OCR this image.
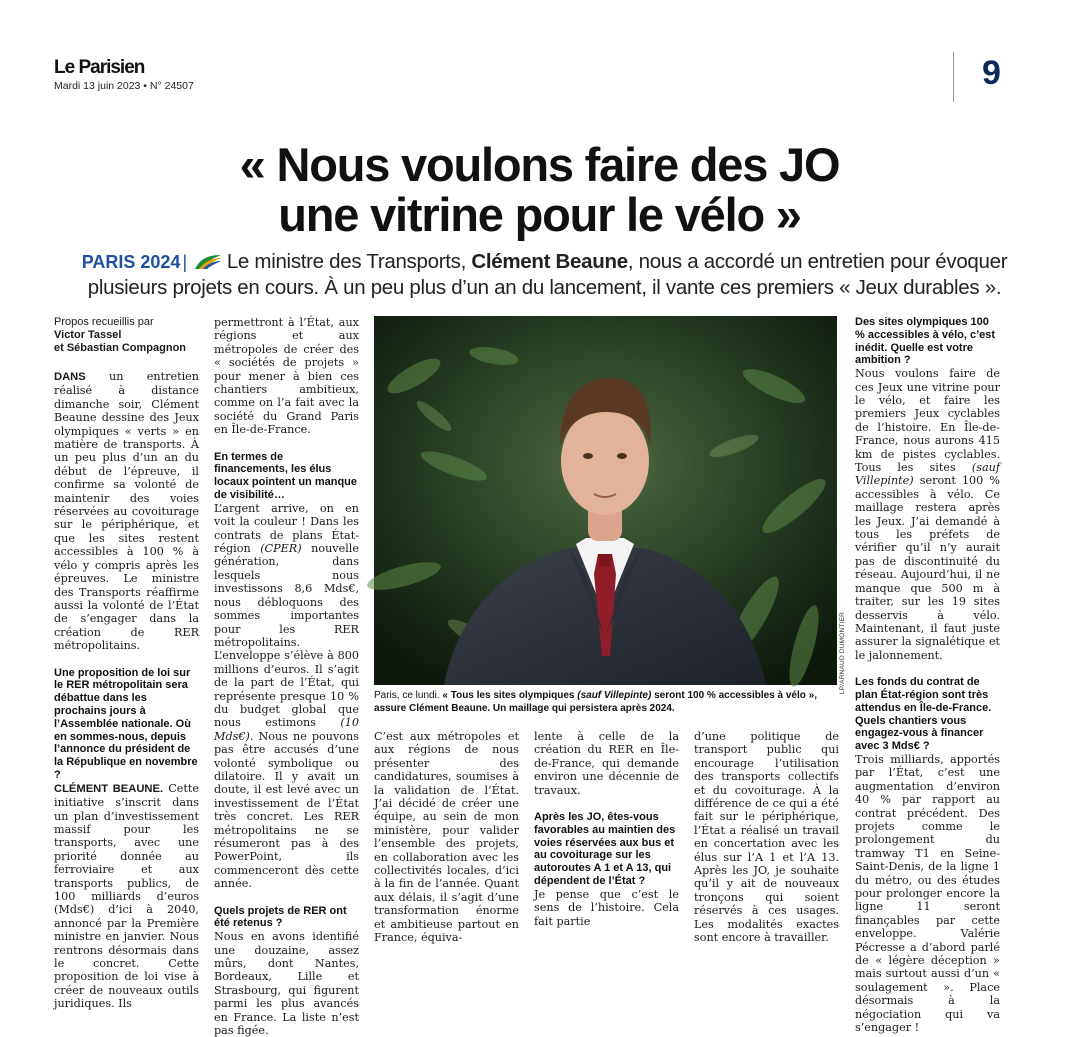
Le Parisien
Mardi 13 juin 2023 • N° 24507	9
« Nous voulons faire des JO
une vitrine pour le vélo »
PARIS 2024 | Le ministre des Transports, Clément Beaune, nous a accordé un entretien pour évoquer plusieurs projets en cours. À un peu plus d’un an du lancement, il vante ces premiers « Jeux durables ».
Propos recueillis par
Victor Tassel
et Sébastian Compagnon

DANS un entretien réalisé à distance dimanche soir, Clément Beaune dessine des Jeux olympiques « verts » en matière de transports. À un peu plus d’un an du début de l’épreuve, il confirme sa volonté de maintenir des voies réservées au covoiturage sur le périphérique, et que les sites restent accessibles à 100 % à vélo y compris après les épreuves. Le ministre des Transports réaffirme aussi la volonté de l’État de s’engager dans la création de RER métropolitains.

Une proposition de loi sur le RER métropolitain sera débattue dans les prochains jours à l’Assemblée nationale. Où en sommes-nous, depuis l’annonce du président de la République en novembre ?

CLÉMENT BEAUNE. Cette initiative s’inscrit dans un plan d’investissement massif pour les transports, avec une priorité donnée au ferroviaire et aux transports publics, de 100 milliards d’euros (Mds€) d’ici à 2040, annoncé par la Première ministre en janvier. Nous rentrons désormais dans le concret. Cette proposition de loi vise à créer de nouveaux outils juridiques. Ils

permettront à l’État, aux régions et aux métropoles de créer des « sociétés de projets » pour mener à bien ces chantiers ambitieux, comme on l’a fait avec la société du Grand Paris en Île-de-France.

En termes de financements, les élus locaux pointent un manque de visibilité…

L’argent arrive, on en voit la couleur ! Dans les contrats de plans État-région (CPER) nouvelle génération, dans lesquels nous investissons 8,6 Mds€, nous débloquons des sommes importantes pour les RER métropolitains. L’enveloppe s’élève à 800 millions d’euros. Il s’agit de la part de l’État, qui représente presque 10 % du budget global que nous estimons (10 Mds€). Nous ne pouvons pas être accusés d’une volonté symbolique ou dilatoire. Il y avait un doute, il est levé avec un investissement de l’État très concret. Les RER métropolitains ne se résumeront pas à des PowerPoint, ils commenceront dès cette année.

Quels projets de RER ont été retenus ?

Nous en avons identifié une douzaine, assez mûrs, dont Nantes, Bordeaux, Lille et Strasbourg, qui figurent parmi les plus avancés en France. La liste n’est pas figée.

LP/ARNAUD DUMONTIER
Paris, ce lundi. « Tous les sites olympiques (sauf Villepinte) seront 100 % accessibles à vélo », assure Clément Beaune. Un maillage qui persistera après 2024.

C’est aux métropoles et aux régions de nous présenter des candidatures, soumises à la validation de l’État. J’ai décidé de créer une équipe, au sein de mon ministère, pour valider l’ensemble des projets, en collaboration avec les collectivités locales, d’ici à la fin de l’année. Quant aux délais, il s’agit d’une transformation énorme et ambitieuse partout en France, équiva-

lente à celle de la création du RER en Île-de-France, qui demande environ une décennie de travaux.

Après les JO, êtes-vous favorables au maintien des voies réservées aux bus et au covoiturage sur les autoroutes A 1 et A 13, qui dépendent de l’État ?

Je pense que c’est le sens de l’histoire. Cela fait partie

d’une politique de transport public qui encourage l’utilisation des transports collectifs et du covoiturage. À la différence de ce qui a été fait sur le périphérique, l’État a réalisé un travail en concertation avec les élus sur l’A 1 et l’A 13. Après les JO, je souhaite qu’il y ait de nouveaux tronçons qui soient réservés à ces usages. Les modalités exactes sont encore à travailler.

Des sites olympiques 100 % accessibles à vélo, c’est inédit. Quelle est votre ambition ?

Nous voulons faire de ces Jeux une vitrine pour le vélo, et faire les premiers Jeux cyclables de l’histoire. En Île-de-France, nous aurons 415 km de pistes cyclables. Tous les sites (sauf Villepinte) seront 100 % accessibles à vélo. Ce maillage restera après les Jeux. J’ai demandé à tous les préfets de vérifier qu’il n’y aurait pas de discontinuité du réseau. Aujourd’hui, il ne manque que 500 m à traiter, sur les 19 sites desservis à vélo. Maintenant, il faut juste assurer la signalétique et le jalonnement.

Les fonds du contrat de plan État-région sont très attendus en Île-de-France. Quels chantiers vous engagez-vous à financer avec 3 Mds€ ?

Trois milliards, apportés par l’État, c’est une augmentation d’environ 40 % par rapport au contrat précédent. Des projets comme le prolongement du tramway T1 en Seine-Saint-Denis, de la ligne 1 du métro, ou des études pour prolonger encore la ligne 11 seront finançables par cette enveloppe. Valérie Pécresse a d’abord parlé de « légère déception » mais surtout aussi d’un « soulagement ». Place désormais à la négociation qui va s’engager !
